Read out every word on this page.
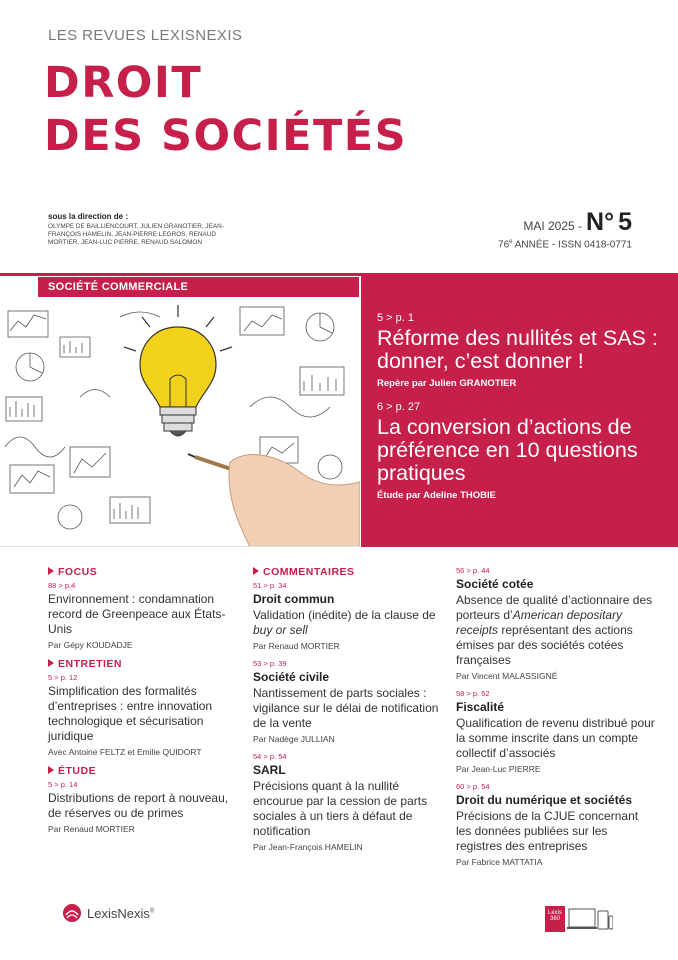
LES REVUES LEXISNEXIS
DROIT
DES SOCIÉTÉS
sous la direction de :
OLYMPE DE BAILLIENCOURT, JULIEN GRANOTIER, JEAN-FRANÇOIS HAMELIN, JEAN-PIERRE LEGROS, RENAUD MORTIER, JEAN-LUC PIERRE, RENAUD SALOMON
MAI 2025 - N° 5
76e ANNÉE - ISSN 0418-0771
SOCIÉTÉ COMMERCIALE
5 > p. 1
Réforme des nullités et SAS : donner, c’est donner !
Repère par Julien GRANOTIER
6 > p. 27
La conversion d’actions de préférence en 10 questions pratiques
Étude par Adeline THOBIE
FOCUS
88 > p.4
Environnement : condamnation record de Greenpeace aux États-Unis
Par Gépy KOUDADJE
ENTRETIEN
5 > p. 12
Simplification des formalités d’entreprises : entre innovation technologique et sécurisation juridique
Avec Antoine FELTZ et Emilie QUIDORT
ÉTUDE
5 > p. 14
Distributions de report à nouveau, de réserves ou de primes
Par Renaud MORTIER
COMMENTAIRES
51 > p. 34
Droit commun
Validation (inédite) de la clause de buy or sell
Par Renaud MORTIER
53 > p. 39
Société civile
Nantissement de parts sociales : vigilance sur le délai de notification de la vente
Par Nadège JULLIAN
54 > p. 54
SARL
Précisions quant à la nullité encourue par la cession de parts sociales à un tiers à défaut de notification
Par Jean-François HAMELIN
56 > p. 44
Société cotée
Absence de qualité d’actionnaire des porteurs d’American depositary receipts représentant des actions émises par des sociétés cotées françaises
Par Vincent MALASSIGNÉ
58 > p. 52
Fiscalité
Qualification de revenu distribué pour la somme inscrite dans un compte collectif d’associés
Par Jean-Luc PIERRE
60 > p. 54
Droit du numérique et sociétés
Précisions de la CJUE concernant les données publiées sur les registres des entreprises
Par Fabrice MATTATIA
LexisNexis®	Lexis 360
